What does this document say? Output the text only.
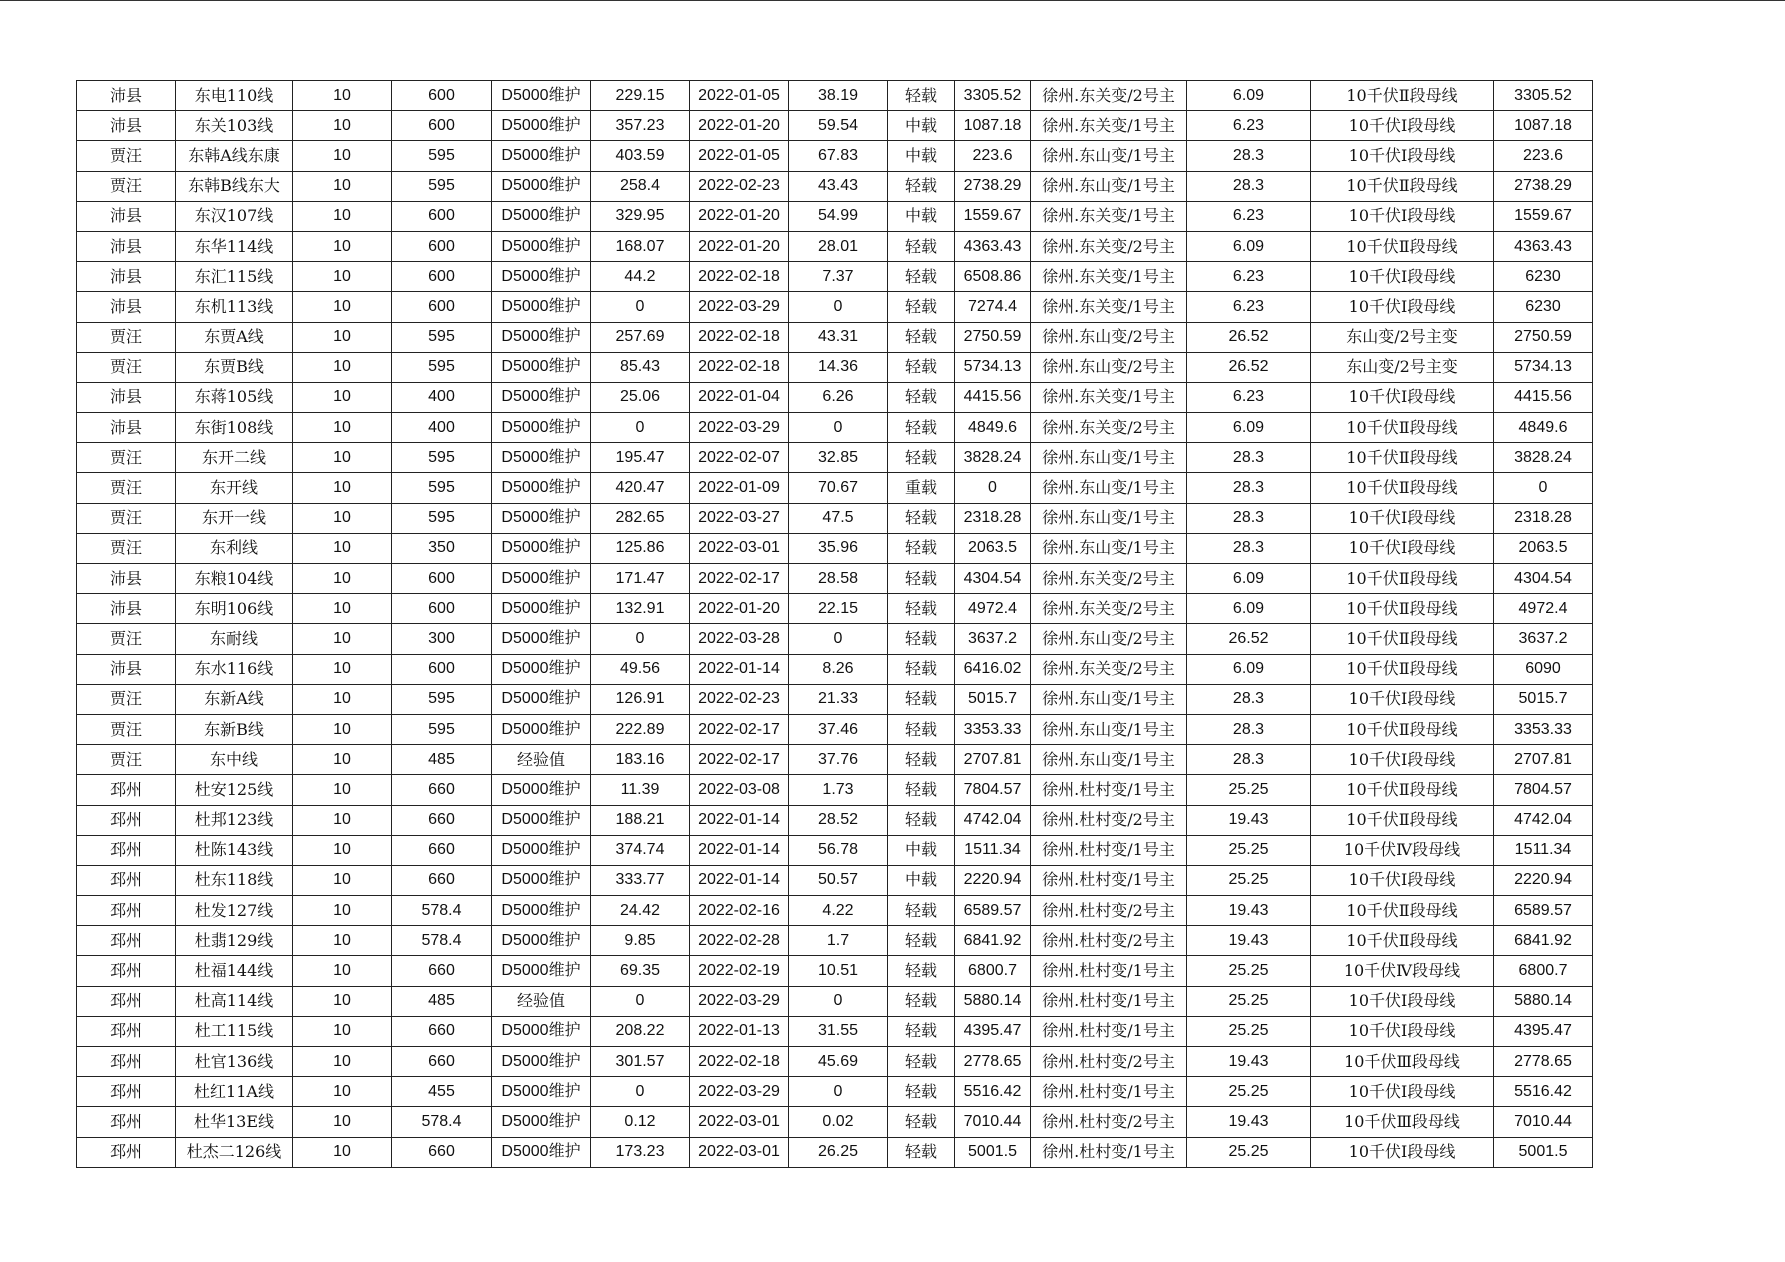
沛县	东电110线	10	600	D5000维护	229.15	2022-01-05	38.19	轻载	3305.52	徐州.东关变/2号主	6.09	10千伏Ⅱ段母线	3305.52
沛县	东关103线	10	600	D5000维护	357.23	2022-01-20	59.54	中载	1087.18	徐州.东关变/1号主	6.23	10千伏Ⅰ段母线	1087.18
贾汪	东韩A线东康	10	595	D5000维护	403.59	2022-01-05	67.83	中载	223.6	徐州.东山变/1号主	28.3	10千伏Ⅰ段母线	223.6
贾汪	东韩B线东大	10	595	D5000维护	258.4	2022-02-23	43.43	轻载	2738.29	徐州.东山变/1号主	28.3	10千伏Ⅱ段母线	2738.29
沛县	东汉107线	10	600	D5000维护	329.95	2022-01-20	54.99	中载	1559.67	徐州.东关变/1号主	6.23	10千伏Ⅰ段母线	1559.67
沛县	东华114线	10	600	D5000维护	168.07	2022-01-20	28.01	轻载	4363.43	徐州.东关变/2号主	6.09	10千伏Ⅱ段母线	4363.43
沛县	东汇115线	10	600	D5000维护	44.2	2022-02-18	7.37	轻载	6508.86	徐州.东关变/1号主	6.23	10千伏Ⅰ段母线	6230
沛县	东机113线	10	600	D5000维护	0	2022-03-29	0	轻载	7274.4	徐州.东关变/1号主	6.23	10千伏Ⅰ段母线	6230
贾汪	东贾A线	10	595	D5000维护	257.69	2022-02-18	43.31	轻载	2750.59	徐州.东山变/2号主	26.52	东山变/2号主变	2750.59
贾汪	东贾B线	10	595	D5000维护	85.43	2022-02-18	14.36	轻载	5734.13	徐州.东山变/2号主	26.52	东山变/2号主变	5734.13
沛县	东蒋105线	10	400	D5000维护	25.06	2022-01-04	6.26	轻载	4415.56	徐州.东关变/1号主	6.23	10千伏Ⅰ段母线	4415.56
沛县	东街108线	10	400	D5000维护	0	2022-03-29	0	轻载	4849.6	徐州.东关变/2号主	6.09	10千伏Ⅱ段母线	4849.6
贾汪	东开二线	10	595	D5000维护	195.47	2022-02-07	32.85	轻载	3828.24	徐州.东山变/1号主	28.3	10千伏Ⅱ段母线	3828.24
贾汪	东开线	10	595	D5000维护	420.47	2022-01-09	70.67	重载	0	徐州.东山变/1号主	28.3	10千伏Ⅱ段母线	0
贾汪	东开一线	10	595	D5000维护	282.65	2022-03-27	47.5	轻载	2318.28	徐州.东山变/1号主	28.3	10千伏Ⅰ段母线	2318.28
贾汪	东利线	10	350	D5000维护	125.86	2022-03-01	35.96	轻载	2063.5	徐州.东山变/1号主	28.3	10千伏Ⅰ段母线	2063.5
沛县	东粮104线	10	600	D5000维护	171.47	2022-02-17	28.58	轻载	4304.54	徐州.东关变/2号主	6.09	10千伏Ⅱ段母线	4304.54
沛县	东明106线	10	600	D5000维护	132.91	2022-01-20	22.15	轻载	4972.4	徐州.东关变/2号主	6.09	10千伏Ⅱ段母线	4972.4
贾汪	东耐线	10	300	D5000维护	0	2022-03-28	0	轻载	3637.2	徐州.东山变/2号主	26.52	10千伏Ⅱ段母线	3637.2
沛县	东水116线	10	600	D5000维护	49.56	2022-01-14	8.26	轻载	6416.02	徐州.东关变/2号主	6.09	10千伏Ⅱ段母线	6090
贾汪	东新A线	10	595	D5000维护	126.91	2022-02-23	21.33	轻载	5015.7	徐州.东山变/1号主	28.3	10千伏Ⅰ段母线	5015.7
贾汪	东新B线	10	595	D5000维护	222.89	2022-02-17	37.46	轻载	3353.33	徐州.东山变/1号主	28.3	10千伏Ⅱ段母线	3353.33
贾汪	东中线	10	485	经验值	183.16	2022-02-17	37.76	轻载	2707.81	徐州.东山变/1号主	28.3	10千伏Ⅰ段母线	2707.81
邳州	杜安125线	10	660	D5000维护	11.39	2022-03-08	1.73	轻载	7804.57	徐州.杜村变/1号主	25.25	10千伏Ⅱ段母线	7804.57
邳州	杜邦123线	10	660	D5000维护	188.21	2022-01-14	28.52	轻载	4742.04	徐州.杜村变/2号主	19.43	10千伏Ⅱ段母线	4742.04
邳州	杜陈143线	10	660	D5000维护	374.74	2022-01-14	56.78	中载	1511.34	徐州.杜村变/1号主	25.25	10千伏Ⅳ段母线	1511.34
邳州	杜东118线	10	660	D5000维护	333.77	2022-01-14	50.57	中载	2220.94	徐州.杜村变/1号主	25.25	10千伏Ⅰ段母线	2220.94
邳州	杜发127线	10	578.4	D5000维护	24.42	2022-02-16	4.22	轻载	6589.57	徐州.杜村变/2号主	19.43	10千伏Ⅱ段母线	6589.57
邳州	杜翡129线	10	578.4	D5000维护	9.85	2022-02-28	1.7	轻载	6841.92	徐州.杜村变/2号主	19.43	10千伏Ⅱ段母线	6841.92
邳州	杜福144线	10	660	D5000维护	69.35	2022-02-19	10.51	轻载	6800.7	徐州.杜村变/1号主	25.25	10千伏Ⅳ段母线	6800.7
邳州	杜高114线	10	485	经验值	0	2022-03-29	0	轻载	5880.14	徐州.杜村变/1号主	25.25	10千伏Ⅰ段母线	5880.14
邳州	杜工115线	10	660	D5000维护	208.22	2022-01-13	31.55	轻载	4395.47	徐州.杜村变/1号主	25.25	10千伏Ⅰ段母线	4395.47
邳州	杜官136线	10	660	D5000维护	301.57	2022-02-18	45.69	轻载	2778.65	徐州.杜村变/2号主	19.43	10千伏Ⅲ段母线	2778.65
邳州	杜红11A线	10	455	D5000维护	0	2022-03-29	0	轻载	5516.42	徐州.杜村变/1号主	25.25	10千伏Ⅰ段母线	5516.42
邳州	杜华13E线	10	578.4	D5000维护	0.12	2022-03-01	0.02	轻载	7010.44	徐州.杜村变/2号主	19.43	10千伏Ⅲ段母线	7010.44
邳州	杜杰二126线	10	660	D5000维护	173.23	2022-03-01	26.25	轻载	5001.5	徐州.杜村变/1号主	25.25	10千伏Ⅰ段母线	5001.5
